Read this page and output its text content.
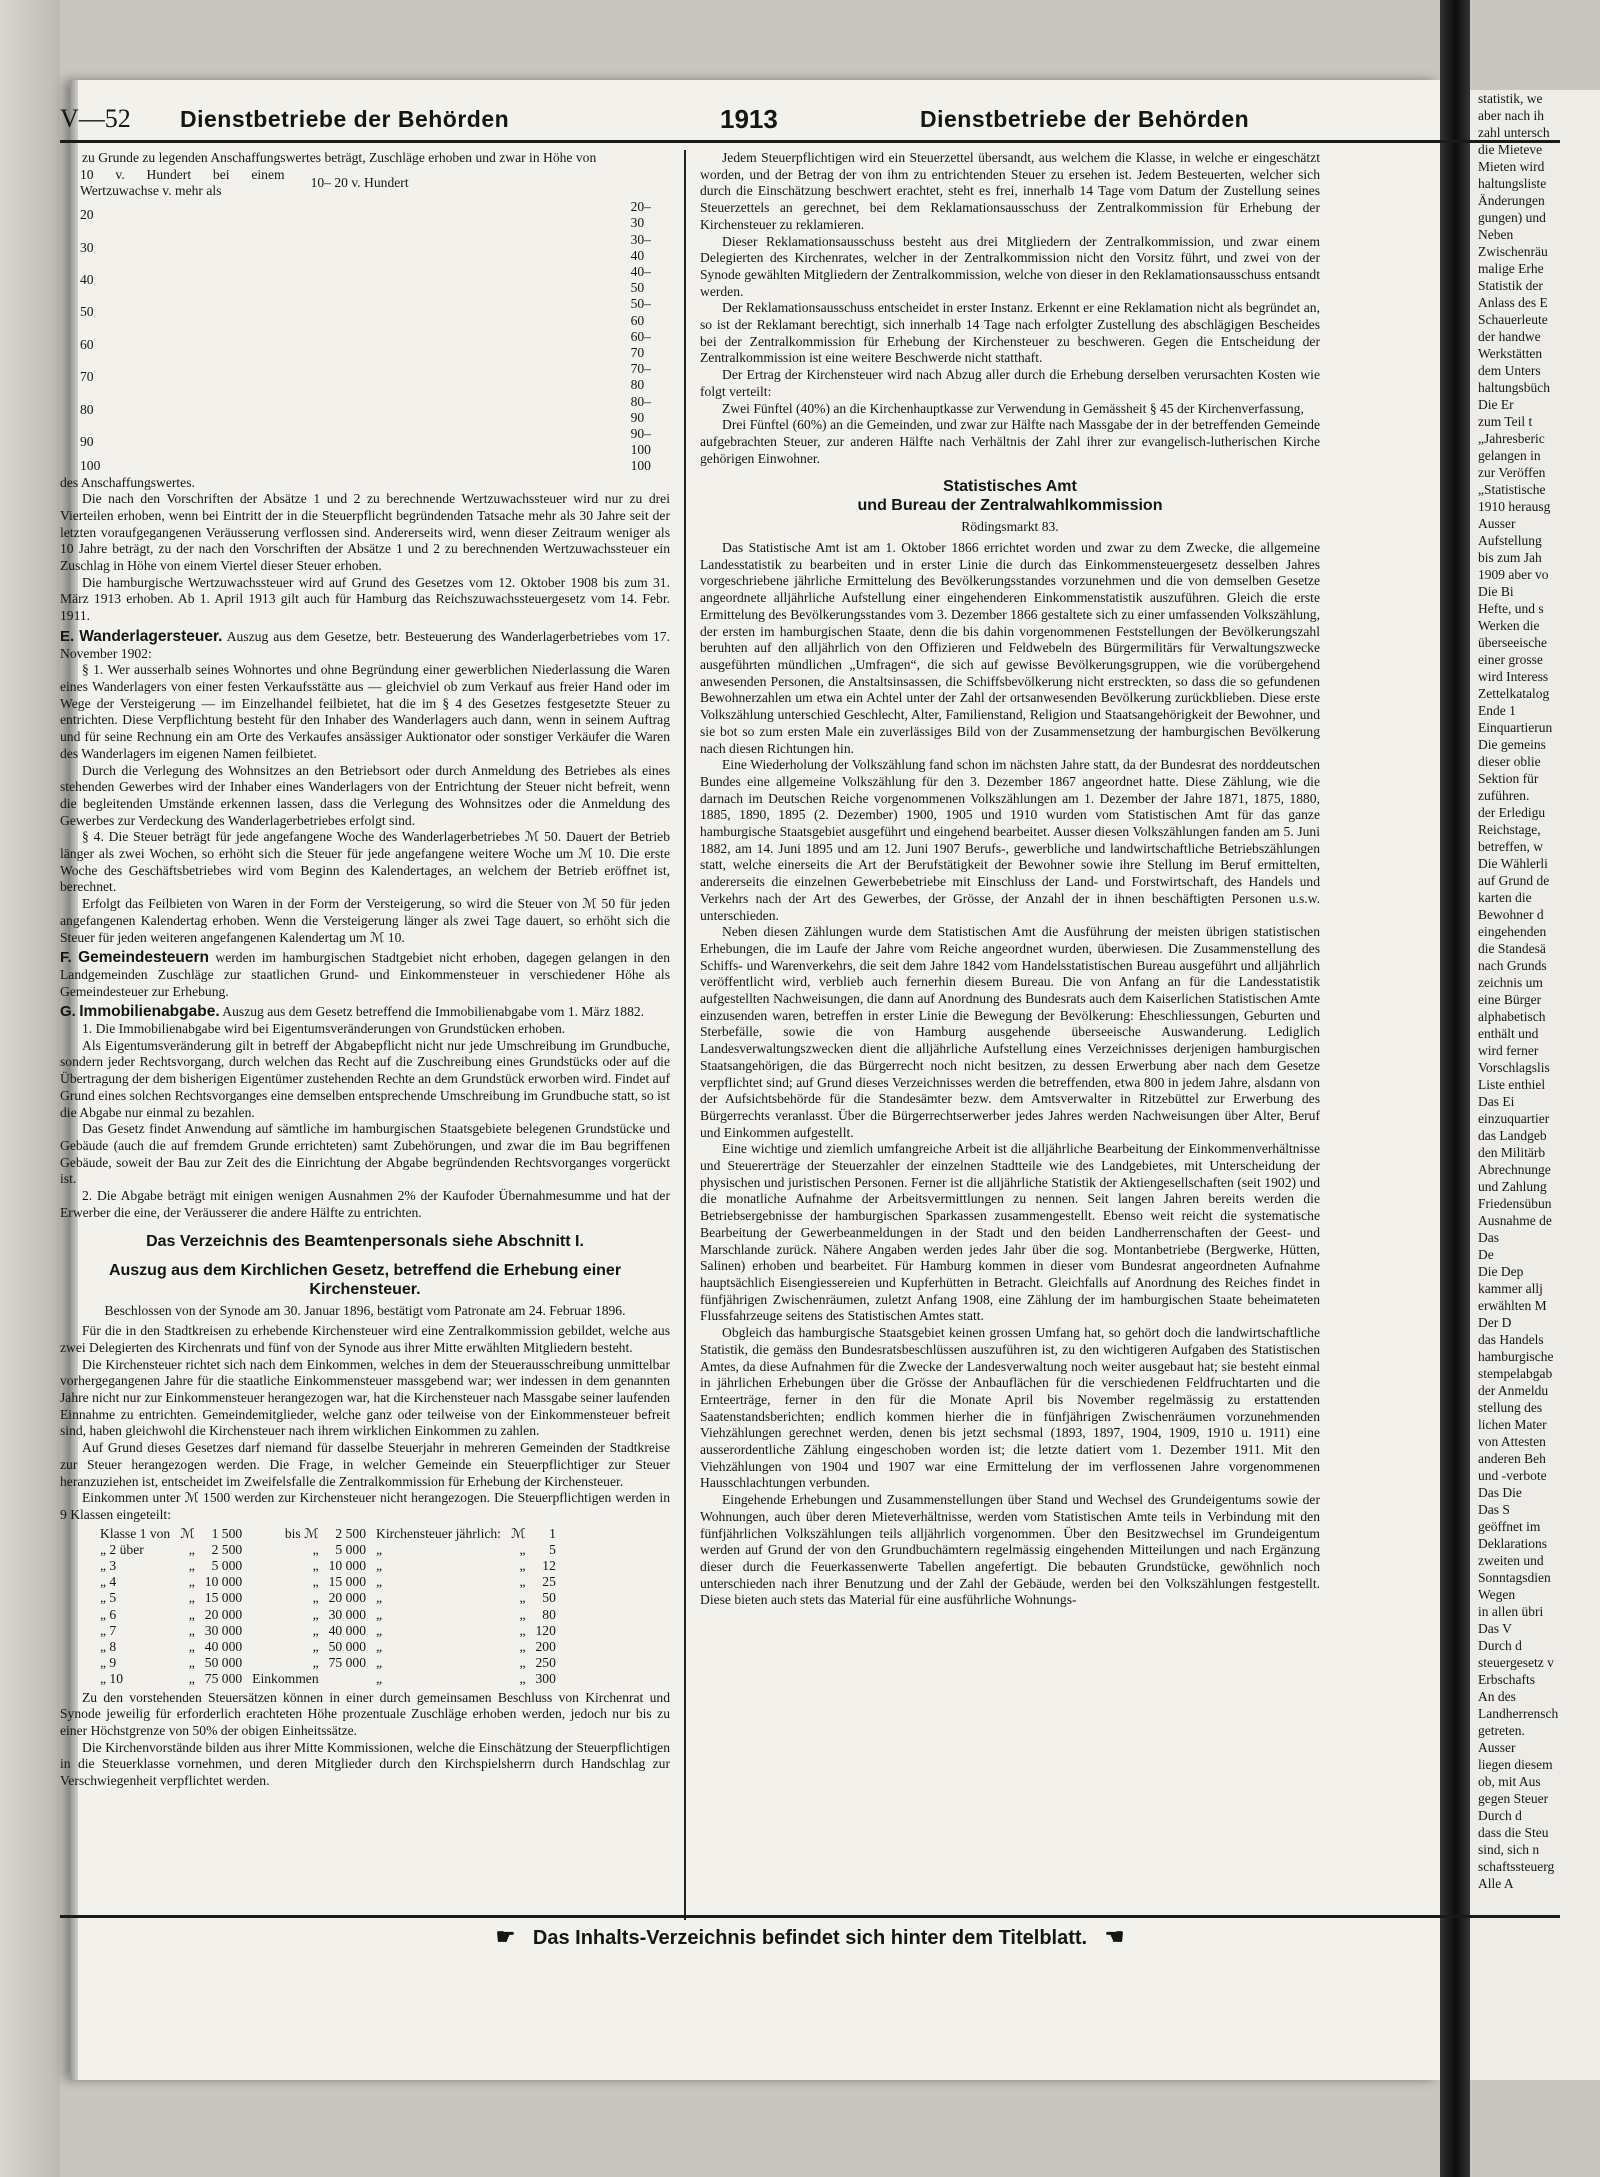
statistik, we
aber nach ih
zahl untersch
die Mieteve
Mieten wird
haltungsliste
Änderungen
gungen) und
Neben
Zwischenräu
malige Erhe
Statistik der
Anlass des E
Schauerleute
der handwe
Werkstätten
dem Unters
haltungsbüch
Die Er
zum Teil t
„Jahresberic
gelangen in
zur Veröffen
„Statistische
1910 herausg
Ausser
Aufstellung
bis zum Jah
1909 aber vo
Die Bi
Hefte, und s
Werken die
überseeische
einer grosse
wird Interess
Zettelkatalog
Ende 1
Einquartierun
Die gemeins
dieser oblie
Sektion für
zuführen.
der Erledigu
Reichstage,
betreffen, w
Die Wählerli
auf Grund de
karten die
Bewohner d
eingehenden
die Standesä
nach Grunds
zeichnis um
eine Bürger
alphabetisch
enthält und
wird ferner
Vorschlagslis
Liste enthiel
Das Ei
einzuquartier
das Landgeb
den Militärb
Abrechnunge
und Zahlung
Friedensübun
Ausnahme de
Das
De
Die Dep
kammer allj
erwählten M
Der D
das Handels
hamburgische
stempelabgab
der Anmeldu
stellung des
lichen Mater
von Attesten
anderen Beh
und -verbote
Das Die
Das S
geöffnet im
Deklarations
zweiten und
Sonntagsdien
Wegen
in allen übri
Das V
Durch d
steuergesetz v
Erbschafts
An des
Landherrensch
getreten.
Ausser
liegen diesem
ob, mit Aus
gegen Steuer
Durch d
dass die Steu
sind, sich n
schaftssteuerg
Alle A
V—52 Dienstbetriebe der Behörden	1913	Dienstbetriebe der Behörden

zu Grunde zu legenden Anschaffungswertes beträgt, Zuschläge erhoben und zwar in Höhe von

10 v. Hundert bei einem Wertzuwachse v. mehr als	10– 20 v. Hundert
20	20– 30
30	30– 40
40	40– 50
50	50– 60
60	60– 70
70	70– 80
80	80– 90
90	90–100
100	100

des Anschaffungswertes.

Die nach den Vorschriften der Absätze 1 und 2 zu berechnende Wertzuwachssteuer wird nur zu drei Vierteilen erhoben, wenn bei Eintritt der in die Steuerpflicht begründenden Tatsache mehr als 30 Jahre seit der letzten voraufgegangenen Veräusserung verflossen sind. Andererseits wird, wenn dieser Zeitraum weniger als 10 Jahre beträgt, zu der nach den Vorschriften der Absätze 1 und 2 zu berechnenden Wertzuwachssteuer ein Zuschlag in Höhe von einem Viertel dieser Steuer erhoben.

Die hamburgische Wertzuwachssteuer wird auf Grund des Gesetzes vom 12. Oktober 1908 bis zum 31. März 1913 erhoben. Ab 1. April 1913 gilt auch für Hamburg das Reichszuwachssteuergesetz vom 14. Febr. 1911.

E. Wanderlagersteuer. Auszug aus dem Gesetze, betr. Besteuerung des Wanderlagerbetriebes vom 17. November 1902:

§ 1. Wer ausserhalb seines Wohnortes und ohne Begründung einer gewerblichen Niederlassung die Waren eines Wanderlagers von einer festen Verkaufsstätte aus — gleichviel ob zum Verkauf aus freier Hand oder im Wege der Versteigerung — im Einzelhandel feilbietet, hat die im § 4 des Gesetzes festgesetzte Steuer zu entrichten. Diese Verpflichtung besteht für den Inhaber des Wanderlagers auch dann, wenn in seinem Auftrag und für seine Rechnung ein am Orte des Verkaufes ansässiger Auktionator oder sonstiger Verkäufer die Waren des Wanderlagers im eigenen Namen feilbietet.

Durch die Verlegung des Wohnsitzes an den Betriebsort oder durch Anmeldung des Betriebes als eines stehenden Gewerbes wird der Inhaber eines Wanderlagers von der Entrichtung der Steuer nicht befreit, wenn die begleitenden Umstände erkennen lassen, dass die Verlegung des Wohnsitzes oder die Anmeldung des Gewerbes zur Verdeckung des Wanderlagerbetriebes erfolgt sind.

§ 4. Die Steuer beträgt für jede angefangene Woche des Wanderlagerbetriebes ℳ 50. Dauert der Betrieb länger als zwei Wochen, so erhöht sich die Steuer für jede angefangene weitere Woche um ℳ 10. Die erste Woche des Geschäftsbetriebes wird vom Beginn des Kalendertages, an welchem der Betrieb eröffnet ist, berechnet.

Erfolgt das Feilbieten von Waren in der Form der Versteigerung, so wird die Steuer von ℳ 50 für jeden angefangenen Kalendertag erhoben. Wenn die Versteigerung länger als zwei Tage dauert, so erhöht sich die Steuer für jeden weiteren angefangenen Kalendertag um ℳ 10.

F. Gemeindesteuern werden im hamburgischen Stadtgebiet nicht erhoben, dagegen gelangen in den Landgemeinden Zuschläge zur staatlichen Grund- und Einkommensteuer in verschiedener Höhe als Gemeindesteuer zur Erhebung.

G. Immobilienabgabe. Auszug aus dem Gesetz betreffend die Immobilienabgabe vom 1. März 1882.

1. Die Immobilienabgabe wird bei Eigentumsveränderungen von Grundstücken erhoben.

Als Eigentumsveränderung gilt in betreff der Abgabepflicht nicht nur jede Umschreibung im Grundbuche, sondern jeder Rechtsvorgang, durch welchen das Recht auf die Zuschreibung eines Grundstücks oder auf die Übertragung der dem bisherigen Eigentümer zustehenden Rechte an dem Grundstück erworben wird. Findet auf Grund eines solchen Rechtsvorganges eine demselben entsprechende Umschreibung im Grundbuche statt, so ist die Abgabe nur einmal zu bezahlen.

Das Gesetz findet Anwendung auf sämtliche im hamburgischen Staatsgebiete belegenen Grundstücke und Gebäude (auch die auf fremdem Grunde errichteten) samt Zubehörungen, und zwar die im Bau begriffenen Gebäude, soweit der Bau zur Zeit des die Einrichtung der Abgabe begründenden Rechtsvorganges vorgerückt ist.

2. Die Abgabe beträgt mit einigen wenigen Ausnahmen 2% der Kaufoder Übernahmesumme und hat der Erwerber die eine, der Veräusserer die andere Hälfte zu entrichten.

Das Verzeichnis des Beamtenpersonals siehe Abschnitt I.
Auszug aus dem Kirchlichen Gesetz, betreffend die Erhebung einer Kirchensteuer.
Beschlossen von der Synode am 30. Januar 1896, bestätigt vom Patronate am 24. Februar 1896.

Für die in den Stadtkreisen zu erhebende Kirchensteuer wird eine Zentralkommission gebildet, welche aus zwei Delegierten des Kirchenrats und fünf von der Synode aus ihrer Mitte erwählten Mitgliedern besteht.

Die Kirchensteuer richtet sich nach dem Einkommen, welches in dem der Steuerausschreibung unmittelbar vorhergegangenen Jahre für die staatliche Einkommensteuer massgebend war; wer indessen in dem genannten Jahre nicht nur zur Einkommensteuer herangezogen war, hat die Kirchensteuer nach Massgabe seiner laufenden Einnahme zu entrichten. Gemeindemitglieder, welche ganz oder teilweise von der Einkommensteuer befreit sind, haben gleichwohl die Kirchensteuer nach ihrem wirklichen Einkommen zu zahlen.

Auf Grund dieses Gesetzes darf niemand für dasselbe Steuerjahr in mehreren Gemeinden der Stadtkreise zur Steuer herangezogen werden. Die Frage, in welcher Gemeinde ein Steuerpflichtiger zur Steuer heranzuziehen ist, entscheidet im Zweifelsfalle die Zentralkommission für Erhebung der Kirchensteuer.

Einkommen unter ℳ 1500 werden zur Kirchensteuer nicht herangezogen. Die Steuerpflichtigen werden in 9 Klassen eingeteilt:

Klasse 1 von	ℳ	1 500	bis ℳ	2 500	Kirchensteuer jährlich:	ℳ	1
„ 2 über	„	2 500	„	5 000	„	„	5
„ 3	„	5 000	„	10 000	„	„	12
„ 4	„	10 000	„	15 000	„	„	25
„ 5	„	15 000	„	20 000	„	„	50
„ 6	„	20 000	„	30 000	„	„	80
„ 7	„	30 000	„	40 000	„	„	120
„ 8	„	40 000	„	50 000	„	„	200
„ 9	„	50 000	„	75 000	„	„	250
„ 10	„	75 000	Einkommen		„	„	300

Zu den vorstehenden Steuersätzen können in einer durch gemeinsamen Beschluss von Kirchenrat und Synode jeweilig für erforderlich erachteten Höhe prozentuale Zuschläge erhoben werden, jedoch nur bis zu einer Höchstgrenze von 50% der obigen Einheitssätze.

Die Kirchenvorstände bilden aus ihrer Mitte Kommissionen, welche die Einschätzung der Steuerpflichtigen in die Steuerklasse vornehmen, und deren Mitglieder durch den Kirchspielsherrn durch Handschlag zur Verschwiegenheit verpflichtet werden.

Jedem Steuerpflichtigen wird ein Steuerzettel übersandt, aus welchem die Klasse, in welche er eingeschätzt worden, und der Betrag der von ihm zu entrichtenden Steuer zu ersehen ist. Jedem Besteuerten, welcher sich durch die Einschätzung beschwert erachtet, steht es frei, innerhalb 14 Tage vom Datum der Zustellung seines Steuerzettels an gerechnet, bei dem Reklamationsausschuss der Zentralkommission für Erhebung der Kirchensteuer zu reklamieren.

Dieser Reklamationsausschuss besteht aus drei Mitgliedern der Zentralkommission, und zwar einem Delegierten des Kirchenrates, welcher in der Zentralkommission nicht den Vorsitz führt, und zwei von der Synode gewählten Mitgliedern der Zentralkommission, welche von dieser in den Reklamationsausschuss entsandt werden.

Der Reklamationsausschuss entscheidet in erster Instanz. Erkennt er eine Reklamation nicht als begründet an, so ist der Reklamant berechtigt, sich innerhalb 14 Tage nach erfolgter Zustellung des abschlägigen Bescheides bei der Zentralkommission für Erhebung der Kirchensteuer zu beschweren. Gegen die Entscheidung der Zentralkommission ist eine weitere Beschwerde nicht statthaft.

Der Ertrag der Kirchensteuer wird nach Abzug aller durch die Erhebung derselben verursachten Kosten wie folgt verteilt:

Zwei Fünftel (40%) an die Kirchenhauptkasse zur Verwendung in Gemässheit § 45 der Kirchenverfassung,

Drei Fünftel (60%) an die Gemeinden, und zwar zur Hälfte nach Massgabe der in der betreffenden Gemeinde aufgebrachten Steuer, zur anderen Hälfte nach Verhältnis der Zahl ihrer zur evangelisch-lutherischen Kirche gehörigen Einwohner.

Statistisches Amt
und Bureau der Zentralwahlkommission
Rödingsmarkt 83.

Das Statistische Amt ist am 1. Oktober 1866 errichtet worden und zwar zu dem Zwecke, die allgemeine Landesstatistik zu bearbeiten und in erster Linie die durch das Einkommensteuergesetz desselben Jahres vorgeschriebene jährliche Ermittelung des Bevölkerungsstandes vorzunehmen und die von demselben Gesetze angeordnete alljährliche Aufstellung einer eingehenderen Einkommenstatistik auszuführen. Gleich die erste Ermittelung des Bevölkerungsstandes vom 3. Dezember 1866 gestaltete sich zu einer umfassenden Volkszählung, der ersten im hamburgischen Staate, denn die bis dahin vorgenommenen Feststellungen der Bevölkerungszahl beruhten auf den alljährlich von den Offizieren und Feldwebeln des Bürgermilitärs für Verwaltungszwecke ausgeführten mündlichen „Umfragen“, die sich auf gewisse Bevölkerungsgruppen, wie die vorübergehend anwesenden Personen, die Anstaltsinsassen, die Schiffsbevölkerung nicht erstreckten, so dass die so gefundenen Bewohnerzahlen um etwa ein Achtel unter der Zahl der ortsanwesenden Bevölkerung zurückblieben. Diese erste Volkszählung unterschied Geschlecht, Alter, Familienstand, Religion und Staatsangehörigkeit der Bewohner, und sie bot so zum ersten Male ein zuverlässiges Bild von der Zusammensetzung der hamburgischen Bevölkerung nach diesen Richtungen hin.

Eine Wiederholung der Volkszählung fand schon im nächsten Jahre statt, da der Bundesrat des norddeutschen Bundes eine allgemeine Volkszählung für den 3. Dezember 1867 angeordnet hatte. Diese Zählung, wie die darnach im Deutschen Reiche vorgenommenen Volkszählungen am 1. Dezember der Jahre 1871, 1875, 1880, 1885, 1890, 1895 (2. Dezember) 1900, 1905 und 1910 wurden vom Statistischen Amt für das ganze hamburgische Staatsgebiet ausgeführt und eingehend bearbeitet. Ausser diesen Volkszählungen fanden am 5. Juni 1882, am 14. Juni 1895 und am 12. Juni 1907 Berufs-, gewerbliche und landwirtschaftliche Betriebszählungen statt, welche einerseits die Art der Berufstätigkeit der Bewohner sowie ihre Stellung im Beruf ermittelten, andererseits die einzelnen Gewerbebetriebe mit Einschluss der Land- und Forstwirtschaft, des Handels und Verkehrs nach der Art des Gewerbes, der Grösse, der Anzahl der in ihnen beschäftigten Personen u.s.w. unterschieden.

Neben diesen Zählungen wurde dem Statistischen Amt die Ausführung der meisten übrigen statistischen Erhebungen, die im Laufe der Jahre vom Reiche angeordnet wurden, überwiesen. Die Zusammenstellung des Schiffs- und Warenverkehrs, die seit dem Jahre 1842 vom Handelsstatistischen Bureau ausgeführt und alljährlich veröffentlicht wird, verblieb auch fernerhin diesem Bureau. Die von Anfang an für die Landesstatistik aufgestellten Nachweisungen, die dann auf Anordnung des Bundesrats auch dem Kaiserlichen Statistischen Amte einzusenden waren, betreffen in erster Linie die Bewegung der Bevölkerung: Eheschliessungen, Geburten und Sterbefälle, sowie die von Hamburg ausgehende überseeische Auswanderung. Lediglich Landesverwaltungszwecken dient die alljährliche Aufstellung eines Verzeichnisses derjenigen hamburgischen Staatsangehörigen, die das Bürgerrecht noch nicht besitzen, zu dessen Erwerbung aber nach dem Gesetze verpflichtet sind; auf Grund dieses Verzeichnisses werden die betreffenden, etwa 800 in jedem Jahre, alsdann von der Aufsichtsbehörde für die Standesämter bezw. dem Amtsverwalter in Ritzebüttel zur Erwerbung des Bürgerrechts veranlasst. Über die Bürgerrechtserwerber jedes Jahres werden Nachweisungen über Alter, Beruf und Einkommen aufgestellt.

Eine wichtige und ziemlich umfangreiche Arbeit ist die alljährliche Bearbeitung der Einkommenverhältnisse und Steuererträge der Steuerzahler der einzelnen Stadtteile wie des Landgebietes, mit Unterscheidung der physischen und juristischen Personen. Ferner ist die alljährliche Statistik der Aktiengesellschaften (seit 1902) und die monatliche Aufnahme der Arbeitsvermittlungen zu nennen. Seit langen Jahren bereits werden die Betriebsergebnisse der hamburgischen Sparkassen zusammengestellt. Ebenso weit reicht die systematische Bearbeitung der Gewerbeanmeldungen in der Stadt und den beiden Landherrenschaften der Geest- und Marschlande zurück. Nähere Angaben werden jedes Jahr über die sog. Montanbetriebe (Bergwerke, Hütten, Salinen) erhoben und bearbeitet. Für Hamburg kommen in dieser vom Bundesrat angeordneten Aufnahme hauptsächlich Eisengiessereien und Kupferhütten in Betracht. Gleichfalls auf Anordnung des Reiches findet in fünfjährigen Zwischenräumen, zuletzt Anfang 1908, eine Zählung der im hamburgischen Staate beheimateten Flussfahrzeuge seitens des Statistischen Amtes statt.

Obgleich das hamburgische Staatsgebiet keinen grossen Umfang hat, so gehört doch die landwirtschaftliche Statistik, die gemäss den Bundesratsbeschlüssen auszuführen ist, zu den wichtigeren Aufgaben des Statistischen Amtes, da diese Aufnahmen für die Zwecke der Landesverwaltung noch weiter ausgebaut hat; sie besteht einmal in jährlichen Erhebungen über die Grösse der Anbauflächen für die verschiedenen Feldfruchtarten und die Ernteerträge, ferner in den für die Monate April bis November regelmässig zu erstattenden Saatenstandsberichten; endlich kommen hierher die in fünfjährigen Zwischenräumen vorzunehmenden Viehzählungen gerechnet werden, denen bis jetzt sechsmal (1893, 1897, 1904, 1909, 1910 u. 1911) eine ausserordentliche Zählung eingeschoben worden ist; die letzte datiert vom 1. Dezember 1911. Mit den Viehzählungen von 1904 und 1907 war eine Ermittelung der im verflossenen Jahre vorgenommenen Hausschlachtungen verbunden.

Eingehende Erhebungen und Zusammenstellungen über Stand und Wechsel des Grundeigentums sowie der Wohnungen, auch über deren Mieteverhältnisse, werden vom Statistischen Amte teils in Verbindung mit den fünfjährlichen Volkszählungen teils alljährlich vorgenommen. Über den Besitzwechsel im Grundeigentum werden auf Grund der von den Grundbuchämtern regelmässig eingehenden Mitteilungen und nach Ergänzung dieser durch die Feuerkassenwerte Tabellen angefertigt. Die bebauten Grundstücke, gewöhnlich noch unterschieden nach ihrer Benutzung und der Zahl der Gebäude, werden bei den Volkszählungen festgestellt. Diese bieten auch stets das Material für eine ausführliche Wohnungs-

☛ Das Inhalts-Verzeichnis befindet sich hinter dem Titelblatt. ☚
